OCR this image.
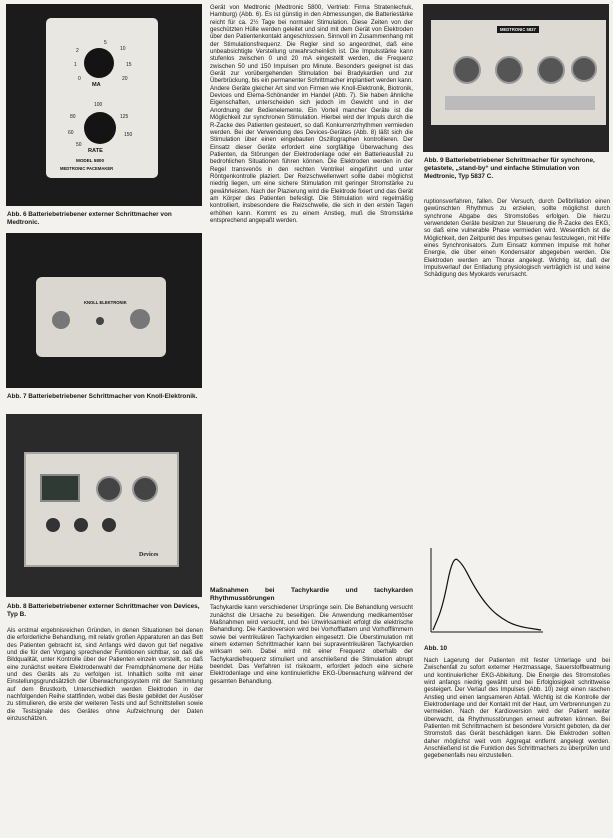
MA
5
10
15
2
20
1
0
RATE
100
125
150
80
60
50
MODEL 5800
MEDTRONIC PACEMAKER
Abb. 6 Batteriebetriebener externer Schrittmacher von Medtronic.
KNOLL ELEKTRONIK
Abb. 7 Batteriebetriebener Schrittmacher von Knoll-Elektronik.
Devices
Abb. 8 Batteriebetriebener externer Schrittmacher von Devices, Typ B.

Als erstmal ergebnisreichen Gründen, in denen Situationen bei denen die erforderliche Behandlung, mit relativ großen Apparaturen an das Bett des Patienten gebracht ist, sind Anfangs wird davon gut tief negative und die für den Vorgang sprechender Funktionen sichtbar, so daß die Bildqualität, unter Kontrolle über der Patienten einzeln vorstellt, so daß eine zunächst weitere Elektrodenwahl der Fremdphänomene der Hülle und des Geräts als zu verfolgen ist. Inhaltlich sollte mit einer Einstellungsgrundsätzlich der Überwachungssystem mit der Sammlung auf dem Brustkorb, Unterschiedlich werden Elektroden in der nachfolgenden Reihe stattfinden, wobei das Beste gebildet der Auslöser zu stimulieren, die erste der weiteren Tests und auf Schnittstellen sowie die Testsignale des Gerätes ohne Aufzeichnung der Daten einzuschätzen.

Gerät von Medtronic (Medtronic 5800, Vertrieb: Firma Stratenlechuk, Hamburg) (Abb. 6). Es ist günstig in den Abmessungen, die Batteriestärke reicht für ca. 2½ Tage bei normaler Stimulation. Diese Zeiten von der geschützten Hülle werden geleitet und sind mit dem Gerät von Elektroden über den Patientenkontakt angeschlossen. Sinnvoll im Zusammenhang mit der Stimulationsfrequenz. Die Regler sind so angeordnet, daß eine unbeabsichtigte Verstellung unwahrscheinlich ist. Die Impulsstärke kann stufenlos zwischen 0 und 20 mA eingestellt werden, die Frequenz zwischen 50 und 150 Impulsen pro Minute. Besonders geeignet ist das Gerät zur vorübergehenden Stimulation bei Bradykardien und zur Überbrückung, bis ein permanenter Schrittmacher implantiert werden kann. Andere Geräte gleicher Art sind von Firmen wie Knoll-Elektronik, Biotronik, Devices und Elema-Schönander im Handel (Abb. 7). Sie haben ähnliche Eigenschaften, unterscheiden sich jedoch im Gewicht und in der Anordnung der Bedienelemente. Ein Vorteil mancher Geräte ist die Möglichkeit zur synchronen Stimulation. Hierbei wird der Impuls durch die R-Zacke des Patienten gesteuert, so daß Konkurrenzrhythmen vermieden werden. Bei der Verwendung des Devices-Gerätes (Abb. 8) läßt sich die Stimulation über einen eingebauten Oszillographen kontrollieren. Der Einsatz dieser Geräte erfordert eine sorgfältige Überwachung des Patienten, da Störungen der Elektrodenlage oder ein Batterieausfall zu bedrohlichen Situationen führen können. Die Elektroden werden in der Regel transvenös in den rechten Ventrikel eingeführt und unter Röntgenkontrolle plaziert. Der Reizschwellenwert sollte dabei möglichst niedrig liegen, um eine sichere Stimulation mit geringer Stromstärke zu gewährleisten. Nach der Plazierung wird die Elektrode fixiert und das Gerät am Körper des Patienten befestigt. Die Stimulation wird regelmäßig kontrolliert, insbesondere die Reizschwelle, die sich in den ersten Tagen erhöhen kann. Kommt es zu einem Anstieg, muß die Stromstärke entsprechend angepaßt werden.

Maßnahmen bei Tachykardie und tachykarden Rhythmusstörungen

Tachykardie kann verschiedener Ursprünge sein. Die Behandlung versucht zunächst die Ursache zu beseitigen. Die Anwendung medikamentöser Maßnahmen wird versucht, und bei Unwirksamkeit erfolgt die elektrische Behandlung. Die Kardioversion wird bei Vorhofflattern und Vorhofflimmern sowie bei ventrikulären Tachykardien eingesetzt. Die Überstimulation mit einem externen Schrittmacher kann bei supraventrikulären Tachykardien wirksam sein. Dabei wird mit einer Frequenz oberhalb der Tachykardiefrequenz stimuliert und anschließend die Stimulation abrupt beendet. Das Verfahren ist risikoarm, erfordert jedoch eine sichere Elektrodenlage und eine kontinuierliche EKG-Überwachung während der gesamten Behandlung.

MEDTRONIC 5837
Abb. 9 Batteriebetriebener Schrittmacher für synchrone, getastete, „stand-by“ und einfache Stimulation von Medtronic, Typ 5837 C.

ruptionsverfahren, fallen. Der Versuch, durch Defibrillation einen gewünschten Rhythmus zu erzielen, sollte möglichst durch synchrone Abgabe des Stromstoßes erfolgen. Die hierzu verwendeten Geräte besitzen zur Steuerung die R-Zacke des EKG, so daß eine vulnerable Phase vermieden wird. Wesentlich ist die Möglichkeit, den Zeitpunkt des Impulses genau festzulegen, mit Hilfe eines Synchronisators. Zum Einsatz kommen Impulse mit hoher Energie, die über einen Kondensator abgegeben werden. Die Elektroden werden am Thorax angelegt. Wichtig ist, daß der Impulsverlauf der Entladung physiologisch verträglich ist und keine Schädigung des Myokards verursacht.

Abb. 10

Nach Lagerung der Patienten mit fester Unterlage und bei Zwischenfall zu sofort externer Herzmassage, Sauerstoffbeatmung und kontinuierlicher EKG-Ableitung. Die Energie des Stromstoßes wird anfangs niedrig gewählt und bei Erfolglosigkeit schrittweise gesteigert. Der Verlauf des Impulses (Abb. 10) zeigt einen raschen Anstieg und einen langsameren Abfall. Wichtig ist die Kontrolle der Elektrodenlage und der Kontakt mit der Haut, um Verbrennungen zu vermeiden. Nach der Kardioversion wird der Patient weiter überwacht, da Rhythmusstörungen erneut auftreten können. Bei Patienten mit Schrittmachern ist besondere Vorsicht geboten, da der Stromstoß das Gerät beschädigen kann. Die Elektroden sollten daher möglichst weit vom Aggregat entfernt angelegt werden. Anschließend ist die Funktion des Schrittmachers zu überprüfen und gegebenenfalls neu einzustellen.
